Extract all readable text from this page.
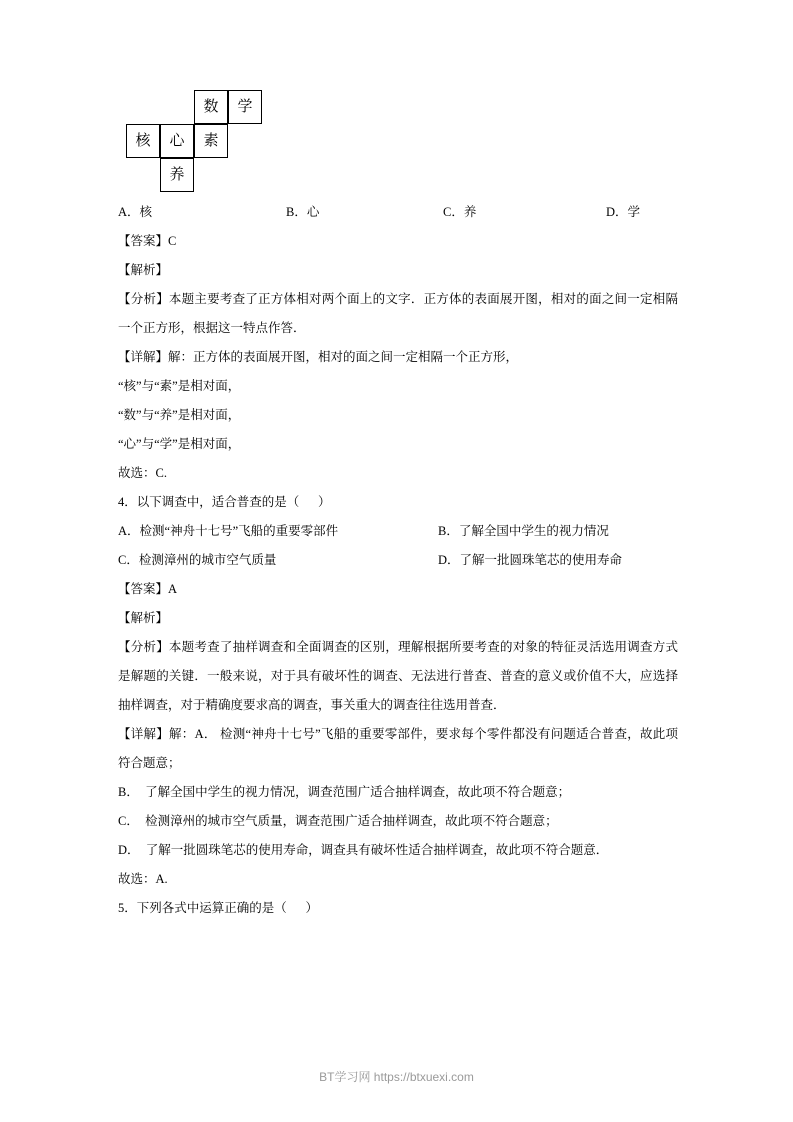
数	学
核	心	素
养
A．核	B．心	C．养	D．学
【答案】C
【解析】
【分析】本题主要考查了正方体相对两个面上的文字．正方体的表面展开图，相对的面之间一定相隔一个正方形，根据这一特点作答．
【详解】解：正方体的表面展开图，相对的面之间一定相隔一个正方形，
“核”与“素”是相对面，
“数”与“养”是相对面，
“心”与“学”是相对面，
故选：C.
4．以下调查中，适合普查的是（      ）
A．检测“神舟十七号”飞船的重要零部件	B．了解全国中学生的视力情况
C．检测漳州的城市空气质量	D．了解一批圆珠笔芯的使用寿命
【答案】A
【解析】
【分析】本题考查了抽样调查和全面调查的区别，理解根据所要考查的对象的特征灵活选用调查方式是解题的关键．一般来说，对于具有破坏性的调查、无法进行普查、普查的意义或价值不大，应选择抽样调查，对于精确度要求高的调查，事关重大的调查往往选用普查．
【详解】解：A． 检测“神舟十七号”飞船的重要零部件，要求每个零件都没有问题适合普查，故此项符合题意；
B．  了解全国中学生的视力情况，调查范围广适合抽样调查，故此项不符合题意；
C．  检测漳州的城市空气质量，调查范围广适合抽样调查，故此项不符合题意；
D．  了解一批圆珠笔芯的使用寿命，调查具有破坏性适合抽样调查，故此项不符合题意．
故选：A.
5．下列各式中运算正确的是（      ）
BT学习网 https://btxuexi.com
